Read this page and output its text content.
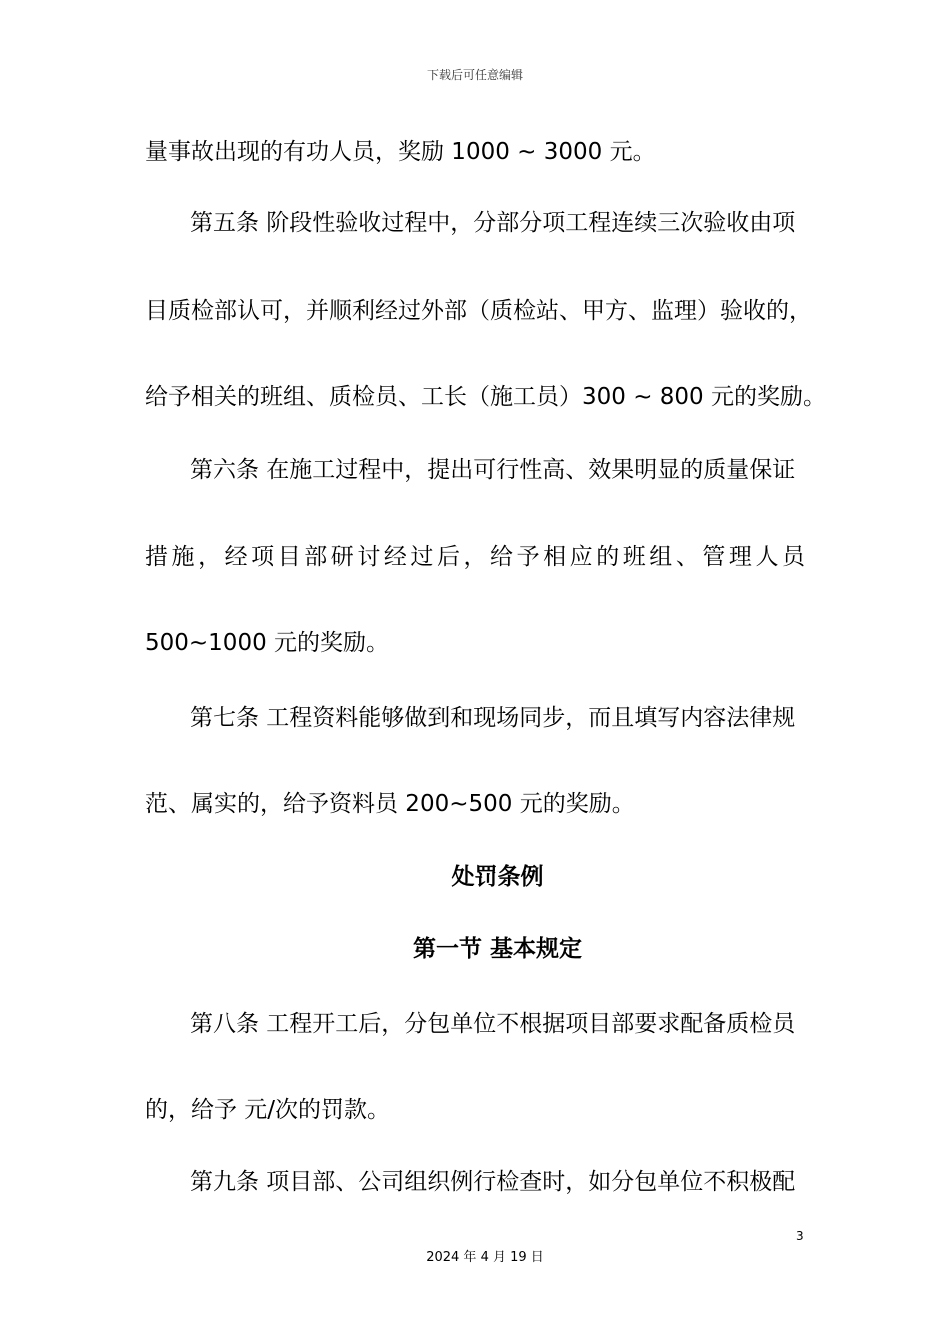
下载后可任意编辑
量事故出现的有功人员，奖励 1000 ~ 3000 元。
第五条 阶段性验收过程中，分部分项工程连续三次验收由项
目质检部认可，并顺利经过外部（质检站、甲方、监理）验收的，
给予相关的班组、质检员、工长（施工员）300 ~ 800 元的奖励。
第六条 在施工过程中，提出可行性高、效果明显的质量保证
措施，经项目部研讨经过后，给予相应的班组、管理人员
500~1000 元的奖励。
第七条 工程资料能够做到和现场同步，而且填写内容法律规
范、属实的，给予资料员 200~500 元的奖励。
处罚条例
第一节 基本规定
第八条 工程开工后，分包单位不根据项目部要求配备质检员
的，给予 元/次的罚款。
第九条 项目部、公司组织例行检查时，如分包单位不积极配
3
2024 年 4 月 19 日
